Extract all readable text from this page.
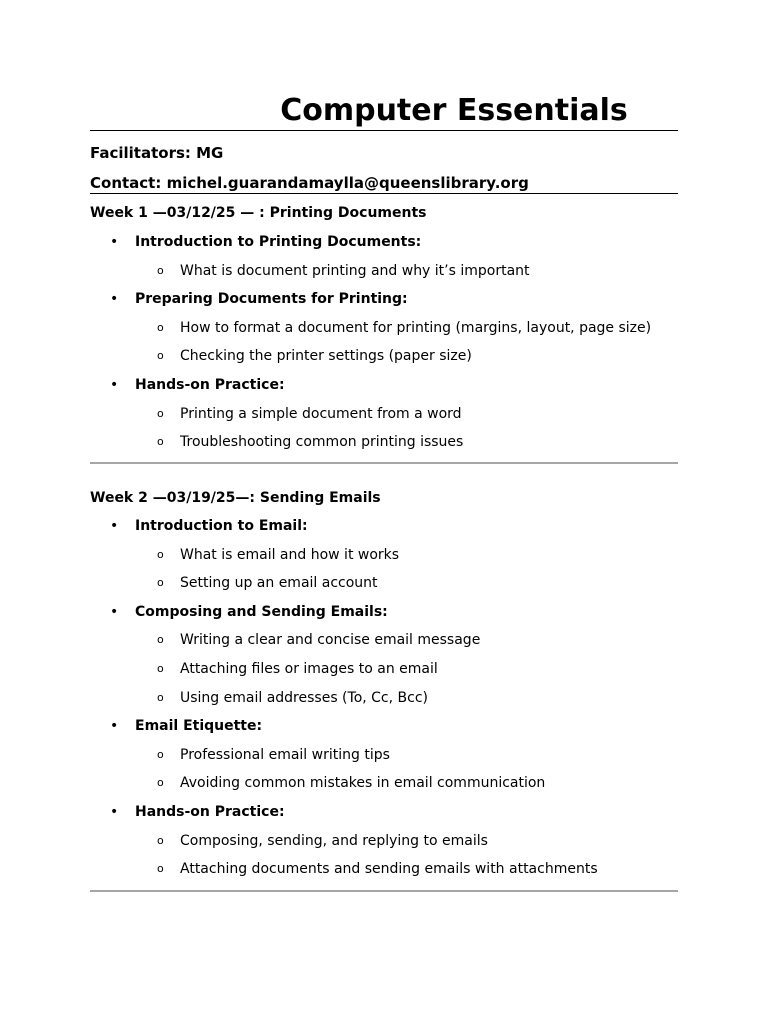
Computer Essentials
Facilitators: MG
Contact: michel.guarandamaylla@queenslibrary.org
Week 1 —03/12/25 — : Printing Documents
• Introduction to Printing Documents:
o What is document printing and why it’s important
• Preparing Documents for Printing:
o How to format a document for printing (margins, layout, page size)
o Checking the printer settings (paper size)
• Hands-on Practice:
o Printing a simple document from a word
o Troubleshooting common printing issues
Week 2 —03/19/25—: Sending Emails
• Introduction to Email:
o What is email and how it works
o Setting up an email account
• Composing and Sending Emails:
o Writing a clear and concise email message
o Attaching files or images to an email
o Using email addresses (To, Cc, Bcc)
• Email Etiquette:
o Professional email writing tips
o Avoiding common mistakes in email communication
• Hands-on Practice:
o Composing, sending, and replying to emails
o Attaching documents and sending emails with attachments
